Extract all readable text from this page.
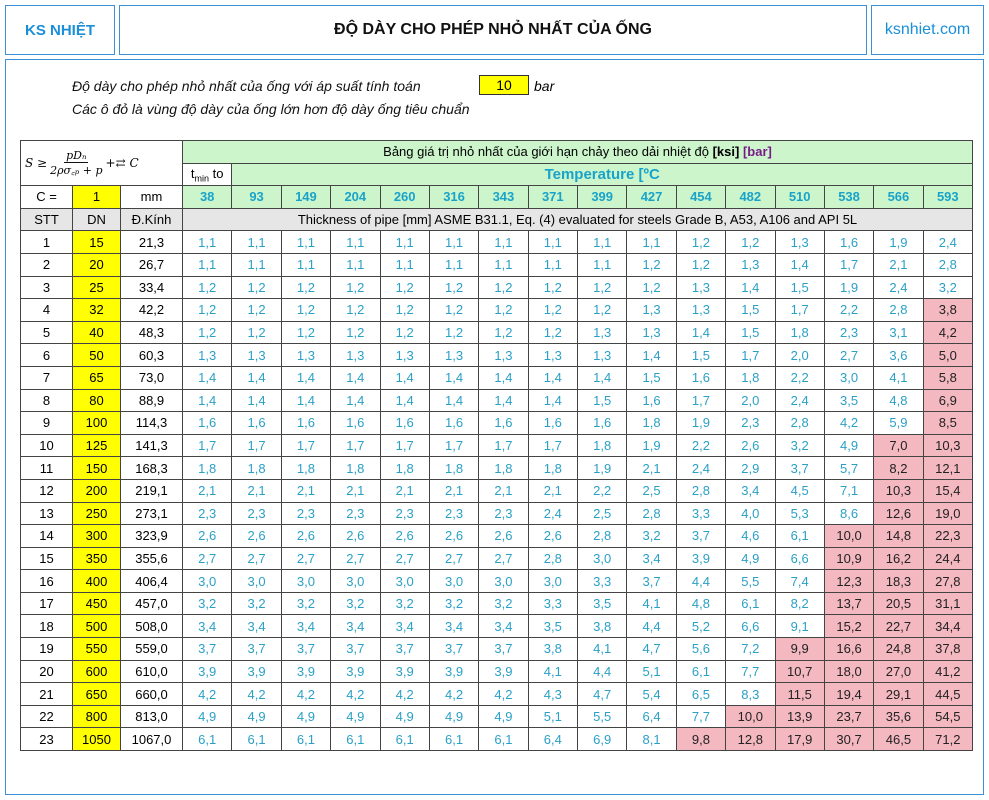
KS NHIỆT	ĐỘ DÀY CHO PHÉP NHỎ NHẤT CỦA ỐNG	ksnhiet.com
Độ dày cho phép nhỏ nhất của ống với áp suất tính toán	10	bar
Các ô đỏ là vùng độ dày của ống lớn hơn độ dày ống tiêu chuẩn
$S \ge \frac{\text{pDₙ}}{\text{2ρσ꜀ₚ + p}}$ +⇄ C			Bảng giá trị nhỏ nhất của giới hạn chảy theo dải nhiệt độ [ksi] [bar]															
			$t_{min}$ to	Temperature [ºC														
C =	1	mm	38	93	149	204	260	316	343	371	399	427	454	482	510	538	566	593
STT	DN	Đ.Kính	Thickness of pipe [mm] ASME B31.1, Eq. (4) evaluated for steels Grade B, A53, A106 and API 5L															
1	15	21,3	1,1	1,1	1,1	1,1	1,1	1,1	1,1	1,1	1,1	1,1	1,2	1,2	1,3	1,6	1,9	2,4
2	20	26,7	1,1	1,1	1,1	1,1	1,1	1,1	1,1	1,1	1,1	1,2	1,2	1,3	1,4	1,7	2,1	2,8
3	25	33,4	1,2	1,2	1,2	1,2	1,2	1,2	1,2	1,2	1,2	1,2	1,3	1,4	1,5	1,9	2,4	3,2
4	32	42,2	1,2	1,2	1,2	1,2	1,2	1,2	1,2	1,2	1,2	1,3	1,3	1,5	1,7	2,2	2,8	3,8
5	40	48,3	1,2	1,2	1,2	1,2	1,2	1,2	1,2	1,2	1,3	1,3	1,4	1,5	1,8	2,3	3,1	4,2
6	50	60,3	1,3	1,3	1,3	1,3	1,3	1,3	1,3	1,3	1,3	1,4	1,5	1,7	2,0	2,7	3,6	5,0
7	65	73,0	1,4	1,4	1,4	1,4	1,4	1,4	1,4	1,4	1,4	1,5	1,6	1,8	2,2	3,0	4,1	5,8
8	80	88,9	1,4	1,4	1,4	1,4	1,4	1,4	1,4	1,4	1,5	1,6	1,7	2,0	2,4	3,5	4,8	6,9
9	100	114,3	1,6	1,6	1,6	1,6	1,6	1,6	1,6	1,6	1,6	1,8	1,9	2,3	2,8	4,2	5,9	8,5
10	125	141,3	1,7	1,7	1,7	1,7	1,7	1,7	1,7	1,7	1,8	1,9	2,2	2,6	3,2	4,9	7,0	10,3
11	150	168,3	1,8	1,8	1,8	1,8	1,8	1,8	1,8	1,8	1,9	2,1	2,4	2,9	3,7	5,7	8,2	12,1
12	200	219,1	2,1	2,1	2,1	2,1	2,1	2,1	2,1	2,1	2,2	2,5	2,8	3,4	4,5	7,1	10,3	15,4
13	250	273,1	2,3	2,3	2,3	2,3	2,3	2,3	2,3	2,4	2,5	2,8	3,3	4,0	5,3	8,6	12,6	19,0
14	300	323,9	2,6	2,6	2,6	2,6	2,6	2,6	2,6	2,6	2,8	3,2	3,7	4,6	6,1	10,0	14,8	22,3
15	350	355,6	2,7	2,7	2,7	2,7	2,7	2,7	2,7	2,8	3,0	3,4	3,9	4,9	6,6	10,9	16,2	24,4
16	400	406,4	3,0	3,0	3,0	3,0	3,0	3,0	3,0	3,0	3,3	3,7	4,4	5,5	7,4	12,3	18,3	27,8
17	450	457,0	3,2	3,2	3,2	3,2	3,2	3,2	3,2	3,3	3,5	4,1	4,8	6,1	8,2	13,7	20,5	31,1
18	500	508,0	3,4	3,4	3,4	3,4	3,4	3,4	3,4	3,5	3,8	4,4	5,2	6,6	9,1	15,2	22,7	34,4
19	550	559,0	3,7	3,7	3,7	3,7	3,7	3,7	3,7	3,8	4,1	4,7	5,6	7,2	9,9	16,6	24,8	37,8
20	600	610,0	3,9	3,9	3,9	3,9	3,9	3,9	3,9	4,1	4,4	5,1	6,1	7,7	10,7	18,0	27,0	41,2
21	650	660,0	4,2	4,2	4,2	4,2	4,2	4,2	4,2	4,3	4,7	5,4	6,5	8,3	11,5	19,4	29,1	44,5
22	800	813,0	4,9	4,9	4,9	4,9	4,9	4,9	4,9	5,1	5,5	6,4	7,7	10,0	13,9	23,7	35,6	54,5
23	1050	1067,0	6,1	6,1	6,1	6,1	6,1	6,1	6,1	6,4	6,9	8,1	9,8	12,8	17,9	30,7	46,5	71,2
